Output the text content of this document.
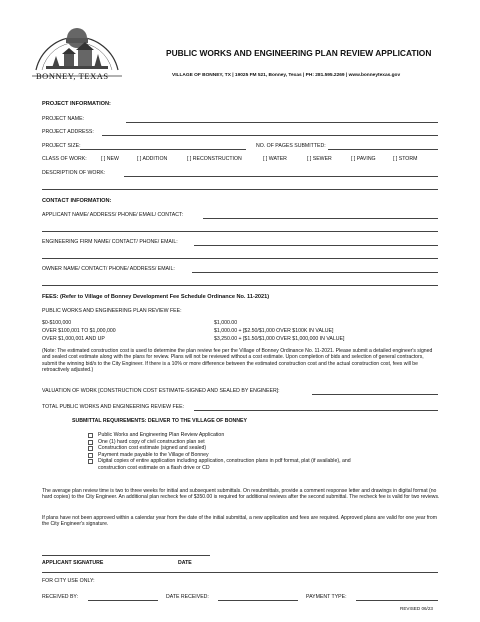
BONNEY, TEXAS
PUBLIC WORKS AND ENGINEERING PLAN REVIEW APPLICATION
VILLAGE OF BONNEY, TX | 19025 FM 521, Bonney, Texas | PH: 281.595.2269 | www.bonneytexas.gov
PROJECT INFORMATION:
PROJECT NAME:
PROJECT ADDRESS:
PROJECT SIZE:	NO. OF PAGES SUBMITTED:
CLASS OF WORK:	[ ] NEW	[ ] ADDITION	[ ] RECONSTRUCTION	[ ] WATER	[ ] SEWER	[ ] PAVING	[ ] STORM
DESCRIPTION OF WORK:
CONTACT INFORMATION:
APPLICANT NAME/ ADDRESS/ PHONE/ EMAIL/ CONTACT:
ENGINEERING FIRM NAME/ CONTACT/ PHONE/ EMAIL:
OWNER NAME/ CONTACT/ PHONE/ ADDRESS/ EMAIL:
FEES: (Refer to Village of Bonney Development Fee Schedule Ordinance No. 11-2021)
PUBLIC WORKS AND ENGINEERING PLAN REVIEW FEE:
$0-$100,000	$1,000.00
OVER $100,001 TO $1,000,000	$1,000.00 + [$2.50/$1,000 OVER $100K IN VALUE]
OVER $1,000,001 AND UP	$3,250.00 + [$1.50/$1,000 OVER $1,000,000 IN VALUE]
(Note: The estimated construction cost is used to determine the plan review fee per the Village of Bonney Ordinance No. 11-2021. Please submit a detailed engineer's signed and sealed cost estimate along with the plans for review. Plans will not be reviewed without a cost estimate. Upon completion of bids and selection of general contractors, submit the winning bid/s to the City Engineer. If there is a 10% or more difference between the estimated construction cost and the actual construction cost, fees will be retroactively adjusted.)
VALUATION OF WORK [CONSTRUCTION COST ESTIMATE-SIGNED AND SEALED BY ENGINEER]:
TOTAL PUBLIC WORKS AND ENGINEERING REVIEW FEE:
SUBMITTAL REQUIREMENTS: DELIVER TO THE VILLAGE OF BONNEY
Public Works and Engineering Plan Review Application
One (1) hard copy of civil construction plan set
Construction cost estimate (signed and sealed)
Payment made payable to the Village of Bonney
Digital copies of entire application including application, construction plans in pdf format, plat (if available), and
construction cost estimate on a flash drive or CD
The average plan review time is two to three weeks for initial and subsequent submittals. On resubmittals, provide a comment response letter and drawings in digital format (no hard copies) to the City Engineer. An additional plan recheck fee of $350.00 is required for additional reviews after the second submittal. The recheck fee is valid for two reviews.
If plans have not been approved within a calendar year from the date of the initial submittal, a new application and fees are required. Approved plans are valid for one year from the City Engineer's signature.
APPLICANT SIGNATURE	DATE
FOR CITY USE ONLY:
RECEIVED BY:	DATE RECEIVED:	PAYMENT TYPE:
REVISED 06/23
